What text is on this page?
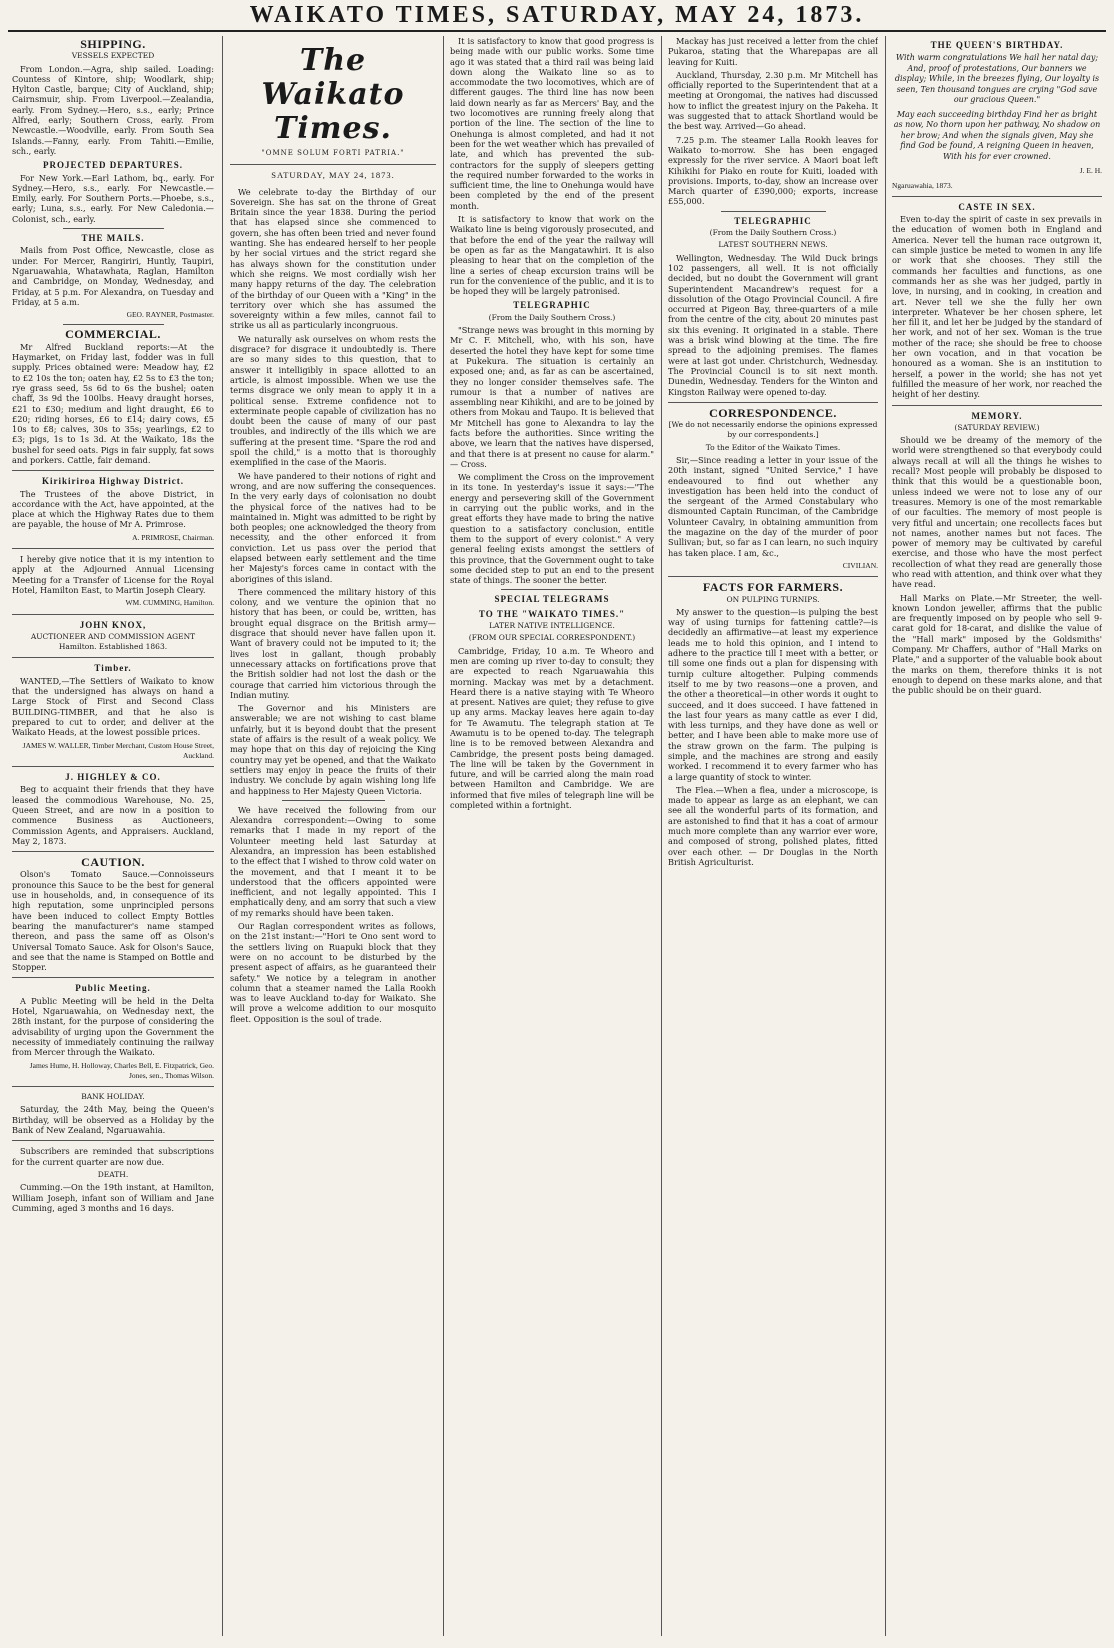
WAIKATO TIMES, SATURDAY, MAY 24, 1873.
SHIPPING.
VESSELS EXPECTED

From London.—Agra, ship sailed. Loading: Countess of Kintore, ship; Woodlark, ship; Hylton Castle, barque; City of Auckland, ship; Cairnsmuir, ship. From Liverpool.—Zealandia, early. From Sydney.—Hero, s.s., early; Prince Alfred, early; Southern Cross, early. From Newcastle.—Woodville, early. From South Sea Islands.—Fanny, early. From Tahiti.—Emilie, sch., early.

PROJECTED DEPARTURES.

For New York.—Earl Lathom, bq., early. For Sydney.—Hero, s.s., early. For Newcastle.—Emily, early. For Southern Ports.—Phoebe, s.s., early; Luna, s.s., early. For New Caledonia.—Colonist, sch., early.

THE MAILS.

Mails from Post Office, Newcastle, close as under. For Mercer, Rangiriri, Huntly, Taupiri, Ngaruawahia, Whatawhata, Raglan, Hamilton and Cambridge, on Monday, Wednesday, and Friday, at 5 p.m. For Alexandra, on Tuesday and Friday, at 5 a.m.

GEO. RAYNER, Postmaster.
COMMERCIAL.

Mr Alfred Buckland reports:—At the Haymarket, on Friday last, fodder was in full supply. Prices obtained were: Meadow hay, £2 to £2 10s the ton; oaten hay, £2 5s to £3 the ton; rye grass seed, 5s 6d to 6s the bushel; oaten chaff, 3s 9d the 100lbs. Heavy draught horses, £21 to £30; medium and light draught, £6 to £20; riding horses, £6 to £14; dairy cows, £5 10s to £8; calves, 30s to 35s; yearlings, £2 to £3; pigs, 1s to 1s 3d. At the Waikato, 18s the bushel for seed oats. Pigs in fair supply, fat sows and porkers. Cattle, fair demand.

Kirikiriroa Highway District.

The Trustees of the above District, in accordance with the Act, have appointed, at the place at which the Highway Rates due to them are payable, the house of Mr A. Primrose.

A. PRIMROSE, Chairman.

I hereby give notice that it is my intention to apply at the Adjourned Annual Licensing Meeting for a Transfer of License for the Royal Hotel, Hamilton East, to Martin Joseph Cleary.

WM. CUMMING, Hamilton.
JOHN KNOX,
AUCTIONEER AND COMMISSION AGENT Hamilton. Established 1863.
Timber.

WANTED,—The Settlers of Waikato to know that the undersigned has always on hand a Large Stock of First and Second Class BUILDING-TIMBER, and that he also is prepared to cut to order, and deliver at the Waikato Heads, at the lowest possible prices.

JAMES W. WALLER, Timber Merchant, Custom House Street, Auckland.
J. HIGHLEY & CO.

Beg to acquaint their friends that they have leased the commodious Warehouse, No. 25, Queen Street, and are now in a position to commence Business as Auctioneers, Commission Agents, and Appraisers. Auckland, May 2, 1873.

CAUTION.

Olson's Tomato Sauce.—Connoisseurs pronounce this Sauce to be the best for general use in households, and, in consequence of its high reputation, some unprincipled persons have been induced to collect Empty Bottles bearing the manufacturer's name stamped thereon, and pass the same off as Olson's Universal Tomato Sauce. Ask for Olson's Sauce, and see that the name is Stamped on Bottle and Stopper.

Public Meeting.

A Public Meeting will be held in the Delta Hotel, Ngaruawahia, on Wednesday next, the 28th instant, for the purpose of considering the advisability of urging upon the Government the necessity of immediately continuing the railway from Mercer through the Waikato.

James Hume, H. Holloway, Charles Bell, E. Fitzpatrick, Geo. Jones, sen., Thomas Wilson.
BANK HOLIDAY.

Saturday, the 24th May, being the Queen's Birthday, will be observed as a Holiday by the Bank of New Zealand, Ngaruawahia.

Subscribers are reminded that subscriptions for the current quarter are now due.

DEATH.

Cumming.—On the 19th instant, at Hamilton, William Joseph, infant son of William and Jane Cumming, aged 3 months and 16 days.

The Waikato Times.
"OMNE SOLUM FORTI PATRIA."
SATURDAY, MAY 24, 1873.

We celebrate to-day the Birthday of our Sovereign. She has sat on the throne of Great Britain since the year 1838. During the period that has elapsed since she commenced to govern, she has often been tried and never found wanting. She has endeared herself to her people by her social virtues and the strict regard she has always shown for the constitution under which she reigns. We most cordially wish her many happy returns of the day. The celebration of the birthday of our Queen with a "King" in the territory over which she has assumed the sovereignty within a few miles, cannot fail to strike us all as particularly incongruous.

We naturally ask ourselves on whom rests the disgrace? for disgrace it undoubtedly is. There are so many sides to this question, that to answer it intelligibly in space allotted to an article, is almost impossible. When we use the terms disgrace we only mean to apply it in a political sense. Extreme confidence not to exterminate people capable of civilization has no doubt been the cause of many of our past troubles, and indirectly of the ills which we are suffering at the present time. "Spare the rod and spoil the child," is a motto that is thoroughly exemplified in the case of the Maoris.

We have pandered to their notions of right and wrong, and are now suffering the consequences. In the very early days of colonisation no doubt the physical force of the natives had to be maintained in. Might was admitted to be right by both peoples; one acknowledged the theory from necessity, and the other enforced it from conviction. Let us pass over the period that elapsed between early settlement and the time her Majesty's forces came in contact with the aborigines of this island.

There commenced the military history of this colony, and we venture the opinion that no history that has been, or could be, written, has brought equal disgrace on the British army—disgrace that should never have fallen upon it. Want of bravery could not be imputed to it; the lives lost in gallant, though probably unnecessary attacks on fortifications prove that the British soldier had not lost the dash or the courage that carried him victorious through the Indian mutiny.

The Governor and his Ministers are answerable; we are not wishing to cast blame unfairly, but it is beyond doubt that the present state of affairs is the result of a weak policy. We may hope that on this day of rejoicing the King country may yet be opened, and that the Waikato settlers may enjoy in peace the fruits of their industry. We conclude by again wishing long life and happiness to Her Majesty Queen Victoria.

We have received the following from our Alexandra correspondent:—Owing to some remarks that I made in my report of the Volunteer meeting held last Saturday at Alexandra, an impression has been established to the effect that I wished to throw cold water on the movement, and that I meant it to be understood that the officers appointed were inefficient, and not legally appointed. This I emphatically deny, and am sorry that such a view of my remarks should have been taken.

Our Raglan correspondent writes as follows, on the 21st instant:—"Hori te Ono sent word to the settlers living on Ruapuki block that they were on no account to be disturbed by the present aspect of affairs, as he guaranteed their safety." We notice by a telegram in another column that a steamer named the Lalla Rookh was to leave Auckland to-day for Waikato. She will prove a welcome addition to our mosquito fleet. Opposition is the soul of trade.

It is satisfactory to know that good progress is being made with our public works. Some time ago it was stated that a third rail was being laid down along the Waikato line so as to accommodate the two locomotives, which are of different gauges. The third line has now been laid down nearly as far as Mercers' Bay, and the two locomotives are running freely along that portion of the line. The section of the line to Onehunga is almost completed, and had it not been for the wet weather which has prevailed of late, and which has prevented the sub-contractors for the supply of sleepers getting the required number forwarded to the works in sufficient time, the line to Onehunga would have been completed by the end of the present month.

It is satisfactory to know that work on the Waikato line is being vigorously prosecuted, and that before the end of the year the railway will be open as far as the Mangatawhiri. It is also pleasing to hear that on the completion of the line a series of cheap excursion trains will be run for the convenience of the public, and it is to be hoped they will be largely patronised.

TELEGRAPHIC
(From the Daily Southern Cross.)

"Strange news was brought in this morning by Mr C. F. Mitchell, who, with his son, have deserted the hotel they have kept for some time at Pukekura. The situation is certainly an exposed one; and, as far as can be ascertained, they no longer consider themselves safe. The rumour is that a number of natives are assembling near Kihikihi, and are to be joined by others from Mokau and Taupo. It is believed that Mr Mitchell has gone to Alexandra to lay the facts before the authorities. Since writing the above, we learn that the natives have dispersed, and that there is at present no cause for alarm." — Cross.

We compliment the Cross on the improvement in its tone. In yesterday's issue it says:—"The energy and persevering skill of the Government in carrying out the public works, and in the great efforts they have made to bring the native question to a satisfactory conclusion, entitle them to the support of every colonist." A very general feeling exists amongst the settlers of this province, that the Government ought to take some decided step to put an end to the present state of things. The sooner the better.

SPECIAL TELEGRAMS
TO THE "WAIKATO TIMES."
LATER NATIVE INTELLIGENCE.
(FROM OUR SPECIAL CORRESPONDENT.)

Cambridge, Friday, 10 a.m. Te Wheoro and men are coming up river to-day to consult; they are expected to reach Ngaruawahia this morning. Mackay was met by a detachment. Heard there is a native staying with Te Wheoro at present. Natives are quiet; they refuse to give up any arms. Mackay leaves here again to-day for Te Awamutu. The telegraph station at Te Awamutu is to be opened to-day. The telegraph line is to be removed between Alexandra and Cambridge, the present posts being damaged. The line will be taken by the Government in future, and will be carried along the main road between Hamilton and Cambridge. We are informed that five miles of telegraph line will be completed within a fortnight.

Mackay has just received a letter from the chief Pukaroa, stating that the Wharepapas are all leaving for Kuiti.

Auckland, Thursday, 2.30 p.m. Mr Mitchell has officially reported to the Superintendent that at a meeting at Orongomai, the natives had discussed how to inflict the greatest injury on the Pakeha. It was suggested that to attack Shortland would be the best way. Arrived—Go ahead.

7.25 p.m. The steamer Lalla Rookh leaves for Waikato to-morrow. She has been engaged expressly for the river service. A Maori boat left Kihikihi for Piako en route for Kuiti, loaded with provisions. Imports, to-day, show an increase over March quarter of £390,000; exports, increase £55,000.

TELEGRAPHIC
(From the Daily Southern Cross.)
LATEST SOUTHERN NEWS.

Wellington, Wednesday. The Wild Duck brings 102 passengers, all well. It is not officially decided, but no doubt the Government will grant Superintendent Macandrew's request for a dissolution of the Otago Provincial Council. A fire occurred at Pigeon Bay, three-quarters of a mile from the centre of the city, about 20 minutes past six this evening. It originated in a stable. There was a brisk wind blowing at the time. The fire spread to the adjoining premises. The flames were at last got under. Christchurch, Wednesday. The Provincial Council is to sit next month. Dunedin, Wednesday. Tenders for the Winton and Kingston Railway were opened to-day.

CORRESPONDENCE.
[We do not necessarily endorse the opinions expressed by our correspondents.]
To the Editor of the Waikato Times.

Sir,—Since reading a letter in your issue of the 20th instant, signed "United Service," I have endeavoured to find out whether any investigation has been held into the conduct of the sergeant of the Armed Constabulary who dismounted Captain Runciman, of the Cambridge Volunteer Cavalry, in obtaining ammunition from the magazine on the day of the murder of poor Sullivan; but, so far as I can learn, no such inquiry has taken place. I am, &c.,

CIVILIAN.
FACTS FOR FARMERS.
ON PULPING TURNIPS.

My answer to the question—is pulping the best way of using turnips for fattening cattle?—is decidedly an affirmative—at least my experience leads me to hold this opinion, and I intend to adhere to the practice till I meet with a better, or till some one finds out a plan for dispensing with turnip culture altogether. Pulping commends itself to me by two reasons—one a proven, and the other a theoretical—in other words it ought to succeed, and it does succeed. I have fattened in the last four years as many cattle as ever I did, with less turnips, and they have done as well or better, and I have been able to make more use of the straw grown on the farm. The pulping is simple, and the machines are strong and easily worked. I recommend it to every farmer who has a large quantity of stock to winter.

The Flea.—When a flea, under a microscope, is made to appear as large as an elephant, we can see all the wonderful parts of its formation, and are astonished to find that it has a coat of armour much more complete than any warrior ever wore, and composed of strong, polished plates, fitted over each other. — Dr Douglas in the North British Agriculturist.

THE QUEEN'S BIRTHDAY.

With warm congratulations We hail her natal day; And, proof of protestations, Our banners we display; While, in the breezes flying, Our loyalty is seen, Ten thousand tongues are crying "God save our gracious Queen."

May each succeeding birthday Find her as bright as now, No thorn upon her pathway, No shadow on her brow; And when the signals given, May she find God be found, A reigning Queen in heaven, With his for ever crowned.

J. E. H.
Ngaruawahia, 1873.
CASTE IN SEX.

Even to-day the spirit of caste in sex prevails in the education of women both in England and America. Never tell the human race outgrown it, can simple justice be meted to women in any life or work that she chooses. They still the commands her faculties and functions, as one commands her as she was her judged, partly in love, in nursing, and in cooking, in creation and art. Never tell we she the fully her own interpreter. Whatever be her chosen sphere, let her fill it, and let her be judged by the standard of her work, and not of her sex. Woman is the true mother of the race; she should be free to choose her own vocation, and in that vocation be honoured as a woman. She is an institution to herself, a power in the world; she has not yet fulfilled the measure of her work, nor reached the height of her destiny.

MEMORY.
(SATURDAY REVIEW.)

Should we be dreamy of the memory of the world were strengthened so that everybody could always recall at will all the things he wishes to recall? Most people will probably be disposed to think that this would be a questionable boon, unless indeed we were not to lose any of our treasures. Memory is one of the most remarkable of our faculties. The memory of most people is very fitful and uncertain; one recollects faces but not names, another names but not faces. The power of memory may be cultivated by careful exercise, and those who have the most perfect recollection of what they read are generally those who read with attention, and think over what they have read.

Hall Marks on Plate.—Mr Streeter, the well-known London jeweller, affirms that the public are frequently imposed on by people who sell 9-carat gold for 18-carat, and dislike the value of the "Hall mark" imposed by the Goldsmiths' Company. Mr Chaffers, author of "Hall Marks on Plate," and a supporter of the valuable book about the marks on them, therefore thinks it is not enough to depend on these marks alone, and that the public should be on their guard.
